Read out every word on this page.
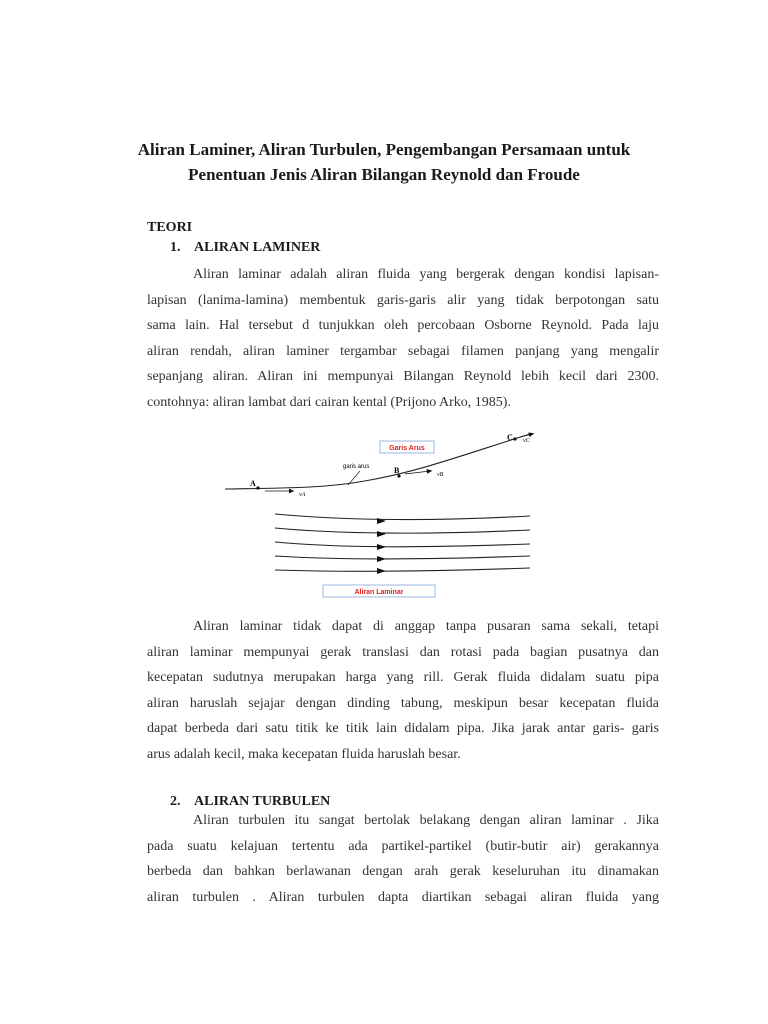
Aliran Laminer, Aliran Turbulen, Pengembangan Persamaan untuk
Penentuan Jenis Aliran Bilangan Reynold dan Froude
TEORI
1. ALIRAN LAMINER
Aliran laminar adalah aliran fluida yang bergerak dengan kondisi lapisan-
lapisan (lanima-lamina) membentuk garis-garis alir yang tidak berpotongan satu
sama lain. Hal tersebut d tunjukkan oleh percobaan Osborne Reynold. Pada laju
aliran rendah, aliran laminer tergambar sebagai filamen panjang yang mengalir
sepanjang aliran. Aliran ini mempunyai Bilangan Reynold lebih kecil dari 2300.
contohnya: aliran lambat dari cairan kental (Prijono Arko, 1985).
Garis Arus
A
B
C
vA
vB
vC
garis arus
Aliran Laminar
Aliran laminar tidak dapat di anggap tanpa pusaran sama sekali, tetapi
aliran laminar mempunyai gerak translasi dan rotasi pada bagian pusatnya dan
kecepatan sudutnya merupakan harga yang rill. Gerak fluida didalam suatu pipa
aliran haruslah sejajar dengan dinding tabung, meskipun besar kecepatan fluida
dapat berbeda dari satu titik ke titik lain didalam pipa. Jika jarak antar garis- garis
arus adalah kecil, maka kecepatan fluida haruslah besar.
2. ALIRAN TURBULEN
Aliran turbulen itu sangat bertolak belakang dengan aliran laminar . Jika
pada suatu kelajuan tertentu ada partikel-partikel (butir-butir air) gerakannya
berbeda dan bahkan berlawanan dengan arah gerak keseluruhan itu dinamakan
aliran turbulen . Aliran turbulen dapta diartikan sebagai aliran fluida yang
